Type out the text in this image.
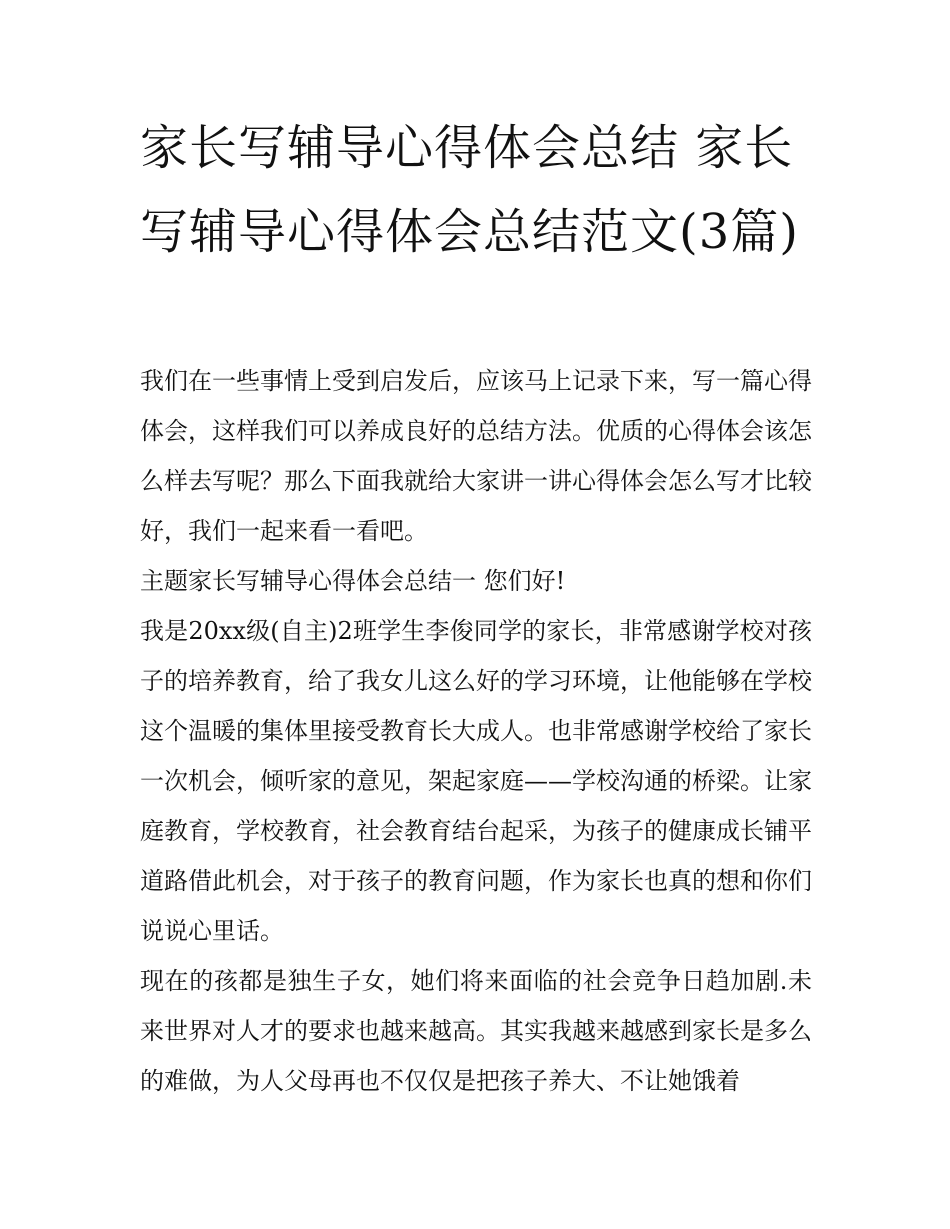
家长写辅导心得体会总结 家长写辅导心得体会总结范文(3篇)

我们在一些事情上受到启发后，应该马上记录下来，写一篇心得体会，这样我们可以养成良好的总结方法。优质的心得体会该怎么样去写呢？那么下面我就给大家讲一讲心得体会怎么写才比较好，我们一起来看一看吧。

主题家长写辅导心得体会总结一 您们好!

我是20xx级(自主)2班学生李俊同学的家长，非常感谢学校对孩子的培养教育，给了我女儿这么好的学习环境，让他能够在学校这个温暖的集体里接受教育长大成人。也非常感谢学校给了家长一次机会，倾听家的意见，架起家庭——学校沟通的桥梁。让家庭教育，学校教育，社会教育结台起采，为孩子的健康成长铺平道路借此机会，对于孩子的教育问题，作为家长也真的想和你们说说心里话。

现在的孩都是独生子女，她们将来面临的社会竞争日趋加剧.未来世界对人才的要求也越来越高。其实我越来越感到家长是多么的难做，为人父母再也不仅仅是把孩子养大、不让她饿着
